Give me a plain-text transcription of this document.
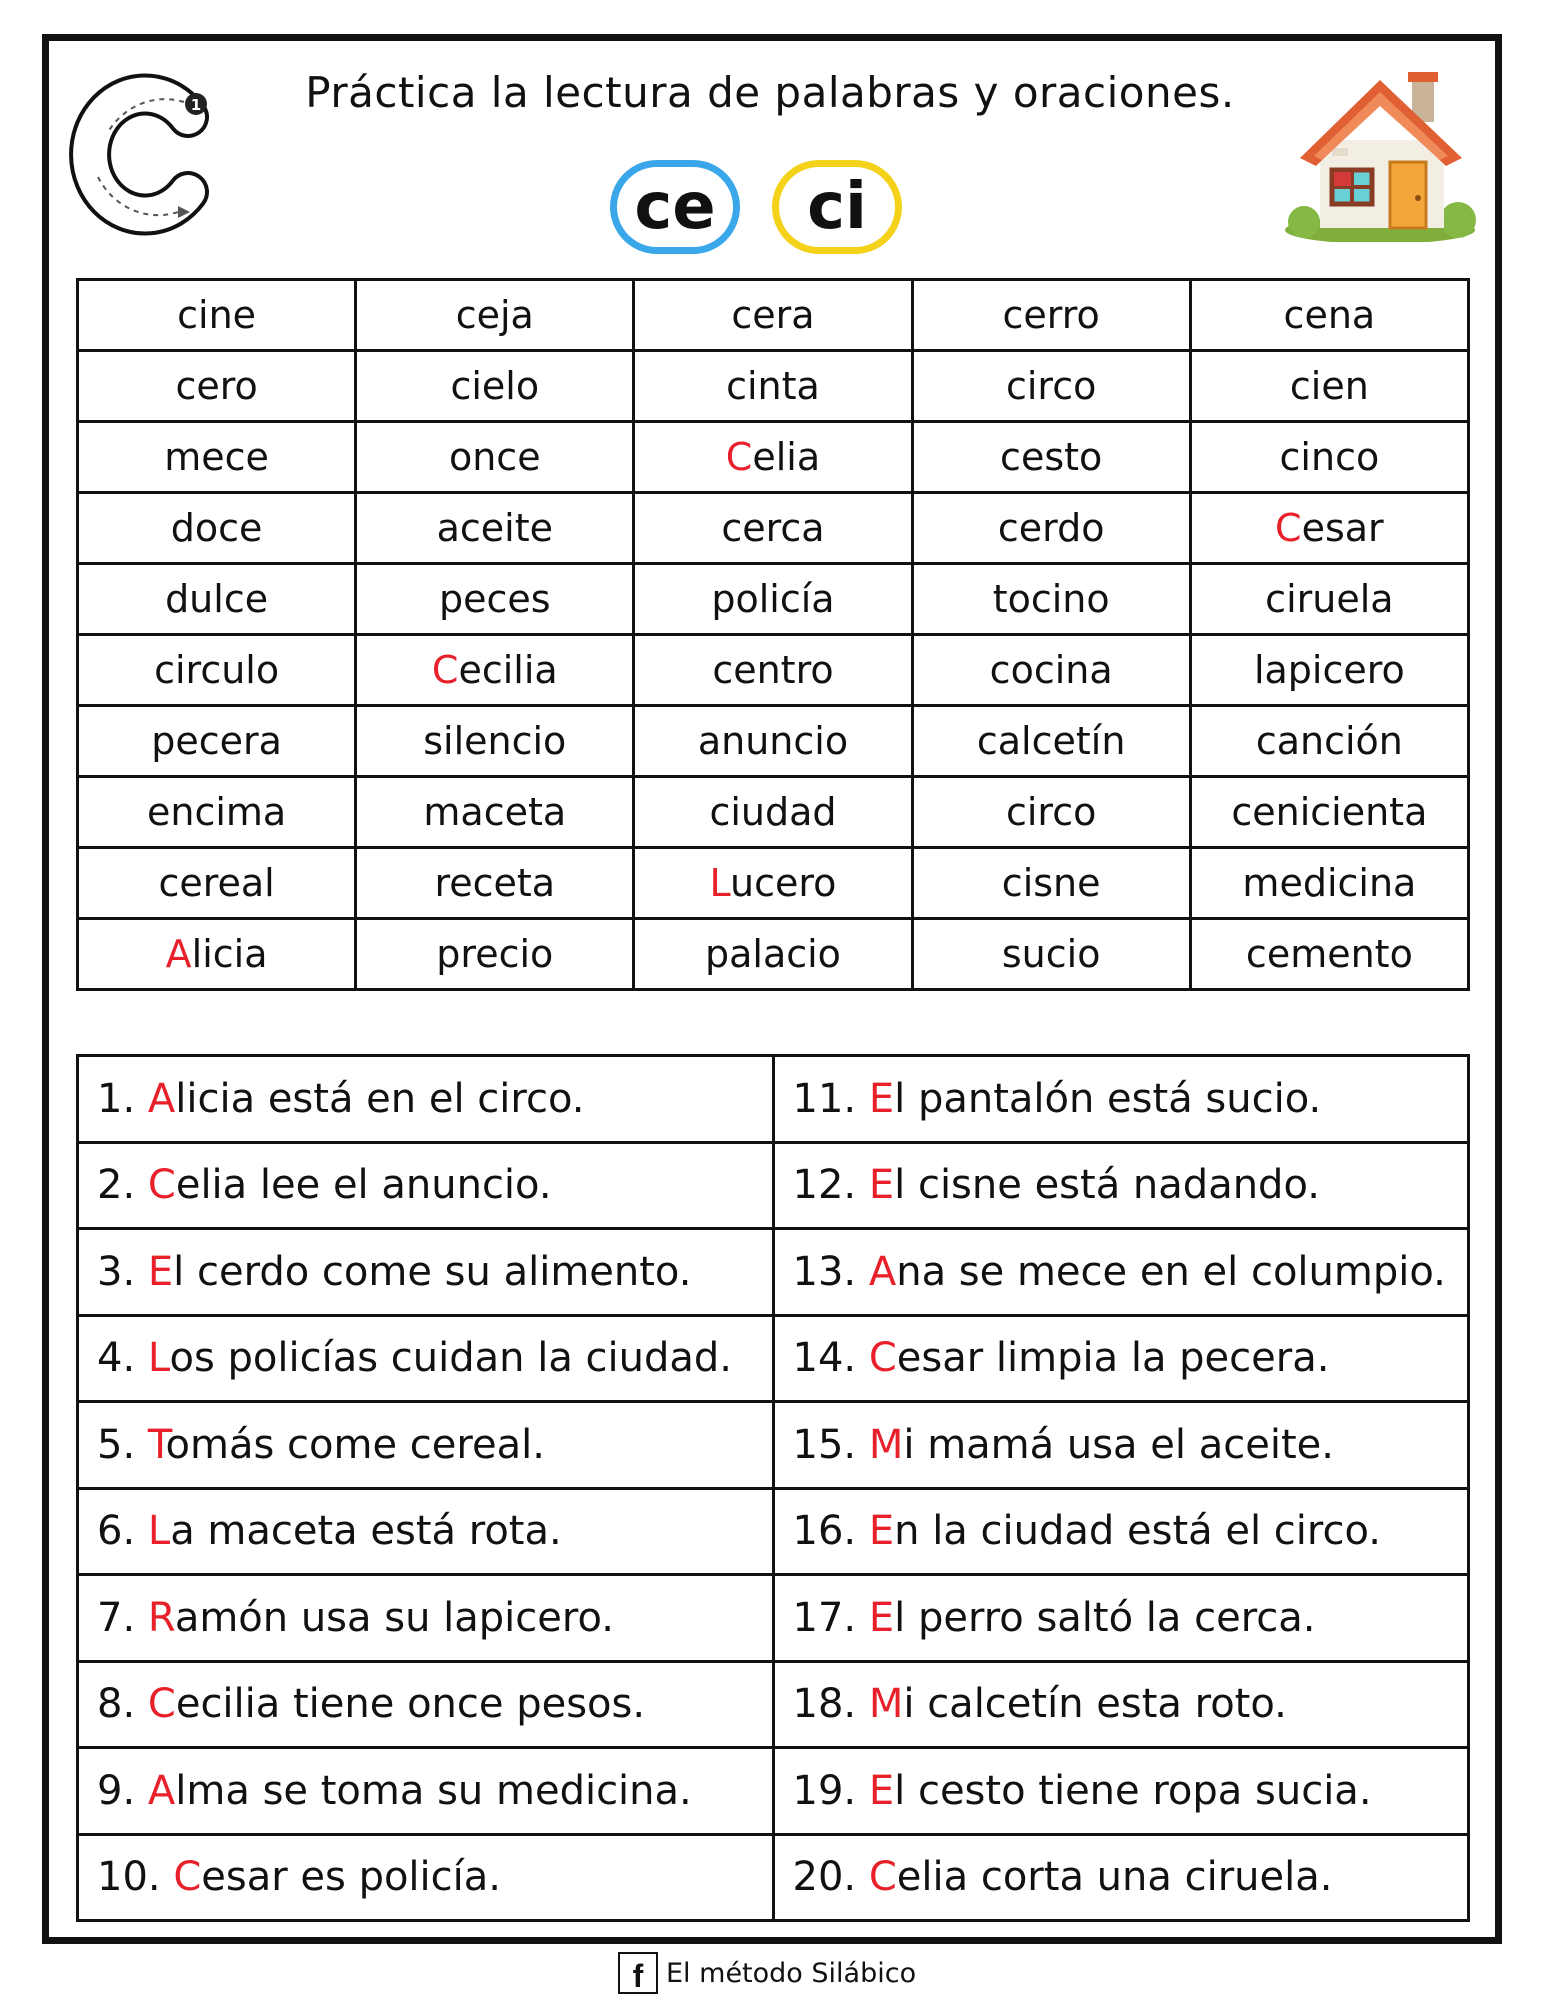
1
C
Práctica la lectura de palabras y oraciones.
ce	ci
cine	ceja	cera	cerro	cena
cero	cielo	cinta	circo	cien
mece	once	Celia	cesto	cinco
doce	aceite	cerca	cerdo	Cesar
dulce	peces	policía	tocino	ciruela
circulo	Cecilia	centro	cocina	lapicero
pecera	silencio	anuncio	calcetín	canción
encima	maceta	ciudad	circo	cenicienta
cereal	receta	Lucero	cisne	medicina
Alicia	precio	palacio	sucio	cemento
1. Alicia está en el circo.	11. El pantalón está sucio.
2. Celia lee el anuncio.	12. El cisne está nadando.
3. El cerdo come su alimento.	13. Ana se mece en el columpio.
4. Los policías cuidan la ciudad.	14. Cesar limpia la pecera.
5. Tomás come cereal.	15. Mi mamá usa el aceite.
6. La maceta está rota.	16. En la ciudad está el circo.
7. Ramón usa su lapicero.	17. El perro saltó la cerca.
8. Cecilia tiene once pesos.	18. Mi calcetín esta roto.
9. Alma se toma su medicina.	19. El cesto tiene ropa sucia.
10. Cesar es policía.	20. Celia corta una ciruela.
f El método Silábico
